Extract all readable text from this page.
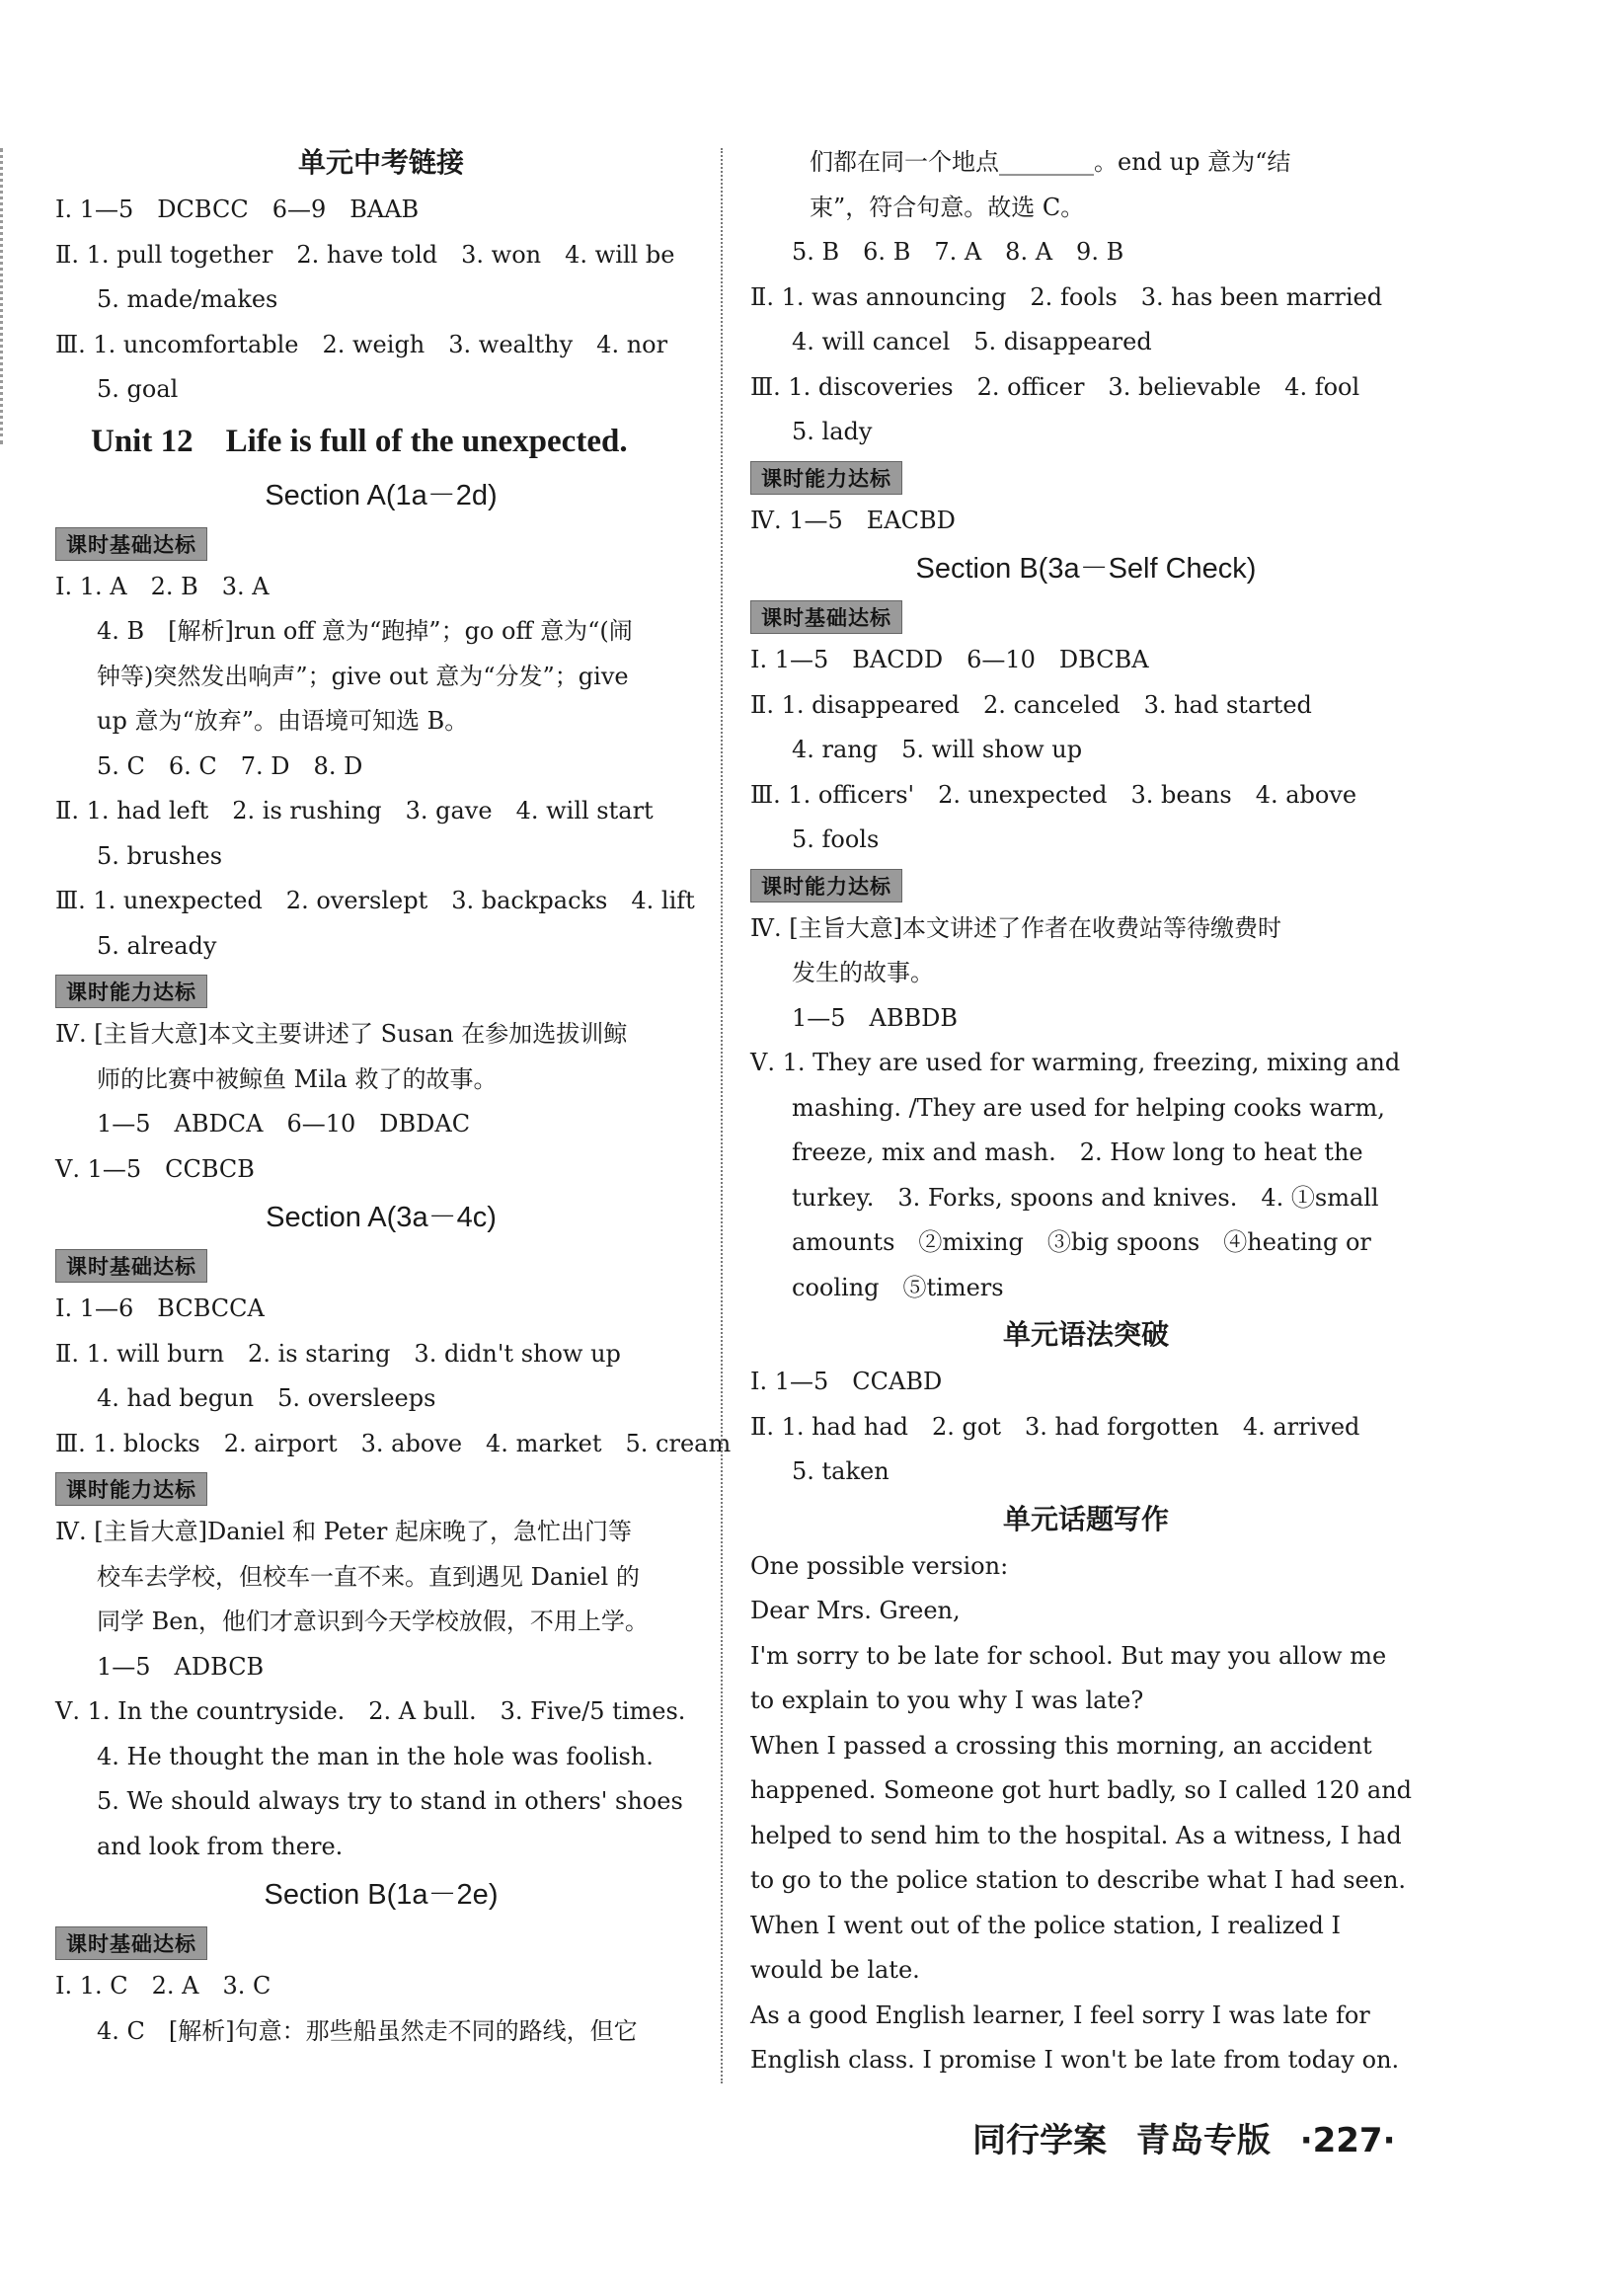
单元中考链接
Ⅰ. 1—5　DCBCC　6—9　BAAB
Ⅱ. 1. pull together　2. have told　3. won　4. will be
5. made/makes
Ⅲ. 1. uncomfortable　2. weigh　3. wealthy　4. nor
5. goal
Unit 12　Life is full of the unexpected.
Section A(1a－2d)
课时基础达标
Ⅰ. 1. A　2. B　3. A
4. B　[解析]run off 意为“跑掉”；go off 意为“(闹
钟等)突然发出响声”；give out 意为“分发”；give
up 意为“放弃”。由语境可知选 B。
5. C　6. C　7. D　8. D
Ⅱ. 1. had left　2. is rushing　3. gave　4. will start
5. brushes
Ⅲ. 1. unexpected　2. overslept　3. backpacks　4. lift
5. already
课时能力达标
Ⅳ. [主旨大意]本文主要讲述了 Susan 在参加选拔训鲸
师的比赛中被鲸鱼 Mila 救了的故事。
1—5　ABDCA　6—10　DBDAC
Ⅴ. 1—5　CCBCB
Section A(3a－4c)
课时基础达标
Ⅰ. 1—6　BCBCCA
Ⅱ. 1. will burn　2. is staring　3. didn't show up
4. had begun　5. oversleeps
Ⅲ. 1. blocks　2. airport　3. above　4. market　5. cream
课时能力达标
Ⅳ. [主旨大意]Daniel 和 Peter 起床晚了，急忙出门等
校车去学校，但校车一直不来。直到遇见 Daniel 的
同学 Ben，他们才意识到今天学校放假，不用上学。
1—5　ADBCB
Ⅴ. 1. In the countryside.　2. A bull.　3. Five/5 times.
4. He thought the man in the hole was foolish.
5. We should always try to stand in others' shoes
and look from there.
Section B(1a－2e)
课时基础达标
Ⅰ. 1. C　2. A　3. C
4. C　[解析]句意：那些船虽然走不同的路线，但它
们都在同一个地点________。end up 意为“结
束”，符合句意。故选 C。
5. B　6. B　7. A　8. A　9. B
Ⅱ. 1. was announcing　2. fools　3. has been married
4. will cancel　5. disappeared
Ⅲ. 1. discoveries　2. officer　3. believable　4. fool
5. lady
课时能力达标
Ⅳ. 1—5　EACBD
Section B(3a－Self Check)
课时基础达标
Ⅰ. 1—5　BACDD　6—10　DBCBA
Ⅱ. 1. disappeared　2. canceled　3. had started
4. rang　5. will show up
Ⅲ. 1. officers'　2. unexpected　3. beans　4. above
5. fools
课时能力达标
Ⅳ. [主旨大意]本文讲述了作者在收费站等待缴费时
发生的故事。
1—5　ABBDB
Ⅴ. 1. They are used for warming, freezing, mixing and
mashing. /They are used for helping cooks warm,
freeze, mix and mash.　2. How long to heat the
turkey.　3. Forks, spoons and knives.　4. ①small
amounts　②mixing　③big spoons　④heating or
cooling　⑤timers
单元语法突破
Ⅰ. 1—5　CCABD
Ⅱ. 1. had had　2. got　3. had forgotten　4. arrived
5. taken
单元话题写作
One possible version:
Dear Mrs. Green,
I'm sorry to be late for school. But may you allow me
to explain to you why I was late?
When I passed a crossing this morning, an accident
happened. Someone got hurt badly, so I called 120 and
helped to send him to the hospital. As a witness, I had
to go to the police station to describe what I had seen.
When I went out of the police station, I realized I
would be late.
As a good English learner, I feel sorry I was late for
English class. I promise I won't be late from today on.
同行学案 青岛专版 ·227·
